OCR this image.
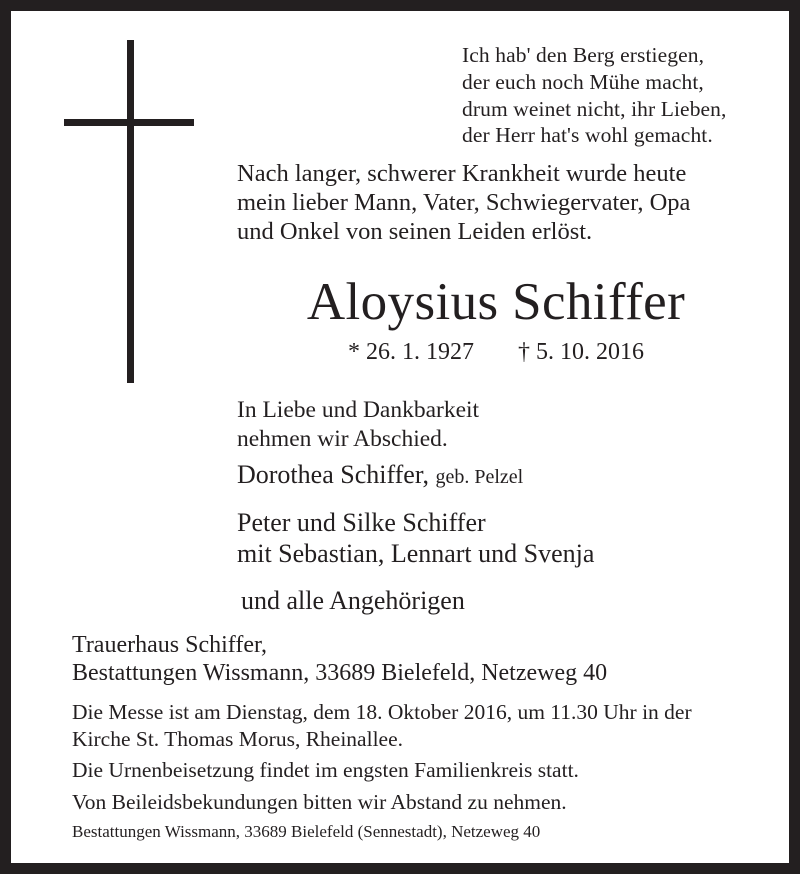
Ich hab' den Berg erstiegen,
der euch noch Mühe macht,
drum weinet nicht, ihr Lieben,
der Herr hat's wohl gemacht.
Nach langer, schwerer Krankheit wurde heute
mein lieber Mann, Vater, Schwiegervater, Opa
und Onkel von seinen Leiden erlöst.
Aloysius Schiffer
* 26. 1. 1927 † 5. 10. 2016
In Liebe und Dankbarkeit
nehmen wir Abschied.
Dorothea Schiffer, geb. Pelzel
Peter und Silke Schiffer
mit Sebastian, Lennart und Svenja
und alle Angehörigen
Trauerhaus Schiffer,
Bestattungen Wissmann, 33689 Bielefeld, Netzeweg 40
Die Messe ist am Dienstag, dem 18. Oktober 2016, um 11.30 Uhr in der
Kirche St. Thomas Morus, Rheinallee.
Die Urnenbeisetzung findet im engsten Familienkreis statt.
Von Beileidsbekundungen bitten wir Abstand zu nehmen.
Bestattungen Wissmann, 33689 Bielefeld (Sennestadt), Netzeweg 40
